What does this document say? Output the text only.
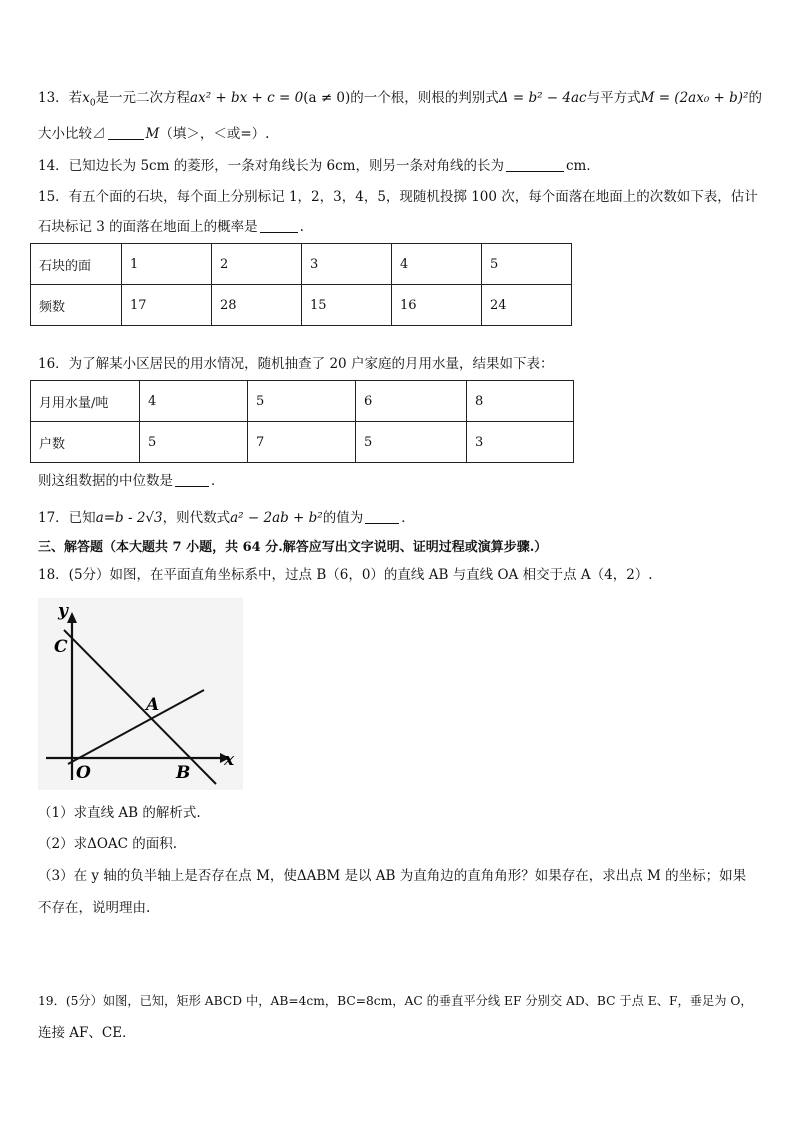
13．若$x_0$是一元二次方程ax² + bx + c = 0(a ≠ 0)的一个根，则根的判别式Δ = b² − 4ac与平方式M = (2ax₀ + b)²的
大小比较⊿	M（填＞，＜或=）.
14．已知边长为 5cm 的菱形，一条对角线长为 6cm，则另一条对角线的长为	cm．
15．有五个面的石块，每个面上分别标记 1，2，3，4，5，现随机投掷 100 次，每个面落在地面上的次数如下表，估计
石块标记 3 的面落在地面上的概率是	.
石块的面	1	2	3	4	5
频数	17	28	15	16	24
16．为了解某小区居民的用水情况，随机抽查了 20 户家庭的月用水量，结果如下表：
月用水量/吨	4	5	6	8
户数	5	7	5	3
则这组数据的中位数是	．
17．已知a=b - 2√3，则代数式a² − 2ab + b²的值为	．
三、解答题（本大题共 7 小题，共 64 分.解答应写出文字说明、证明过程或演算步骤.）
18．(5分）如图，在平面直角坐标系中，过点 B（6，0）的直线 AB 与直线 OA 相交于点 A（4，2）.
y
x
C
A
O	B
（1）求直线 AB 的解析式.
（2）求ΔOAC 的面积.
（3）在 y 轴的负半轴上是否存在点 M，使ΔABM 是以 AB 为直角边的直角角形？如果存在，求出点 M 的坐标；如果
不存在，说明理由.
19．(5分）如图，已知，矩形 ABCD 中，AB=4cm，BC=8cm，AC 的垂直平分线 EF 分别交 AD、BC 于点 E、F，垂足为 O，
连接 AF、CE．
